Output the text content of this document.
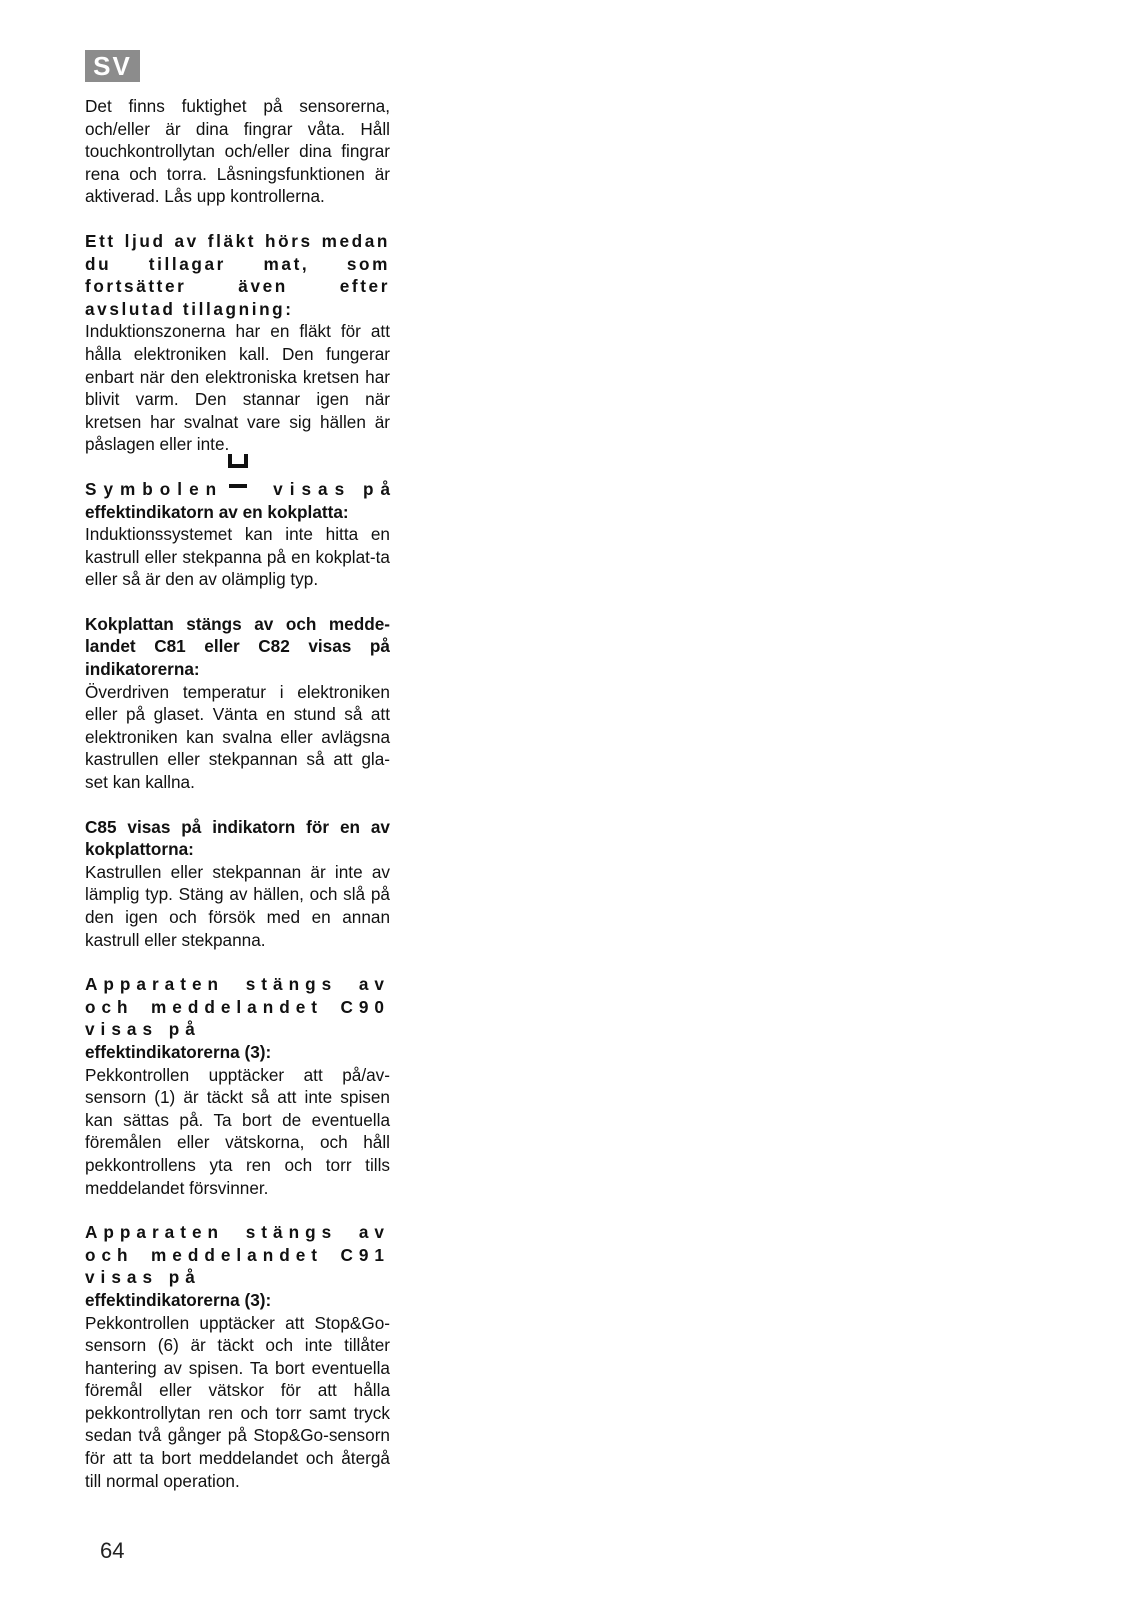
SV

Det finns fuktighet på sensorerna, och/eller är dina fingrar våta. Håll touchkontrollytan och/eller dina fingrar rena och torra. Låsningsfunktionen är aktiverad. Lås upp kontrollerna.

Ett ljud av fläkt hörs medan du tillagar mat, som fortsätter även efter avslutad tillagning:

Induktionszonerna har en fläkt för att hålla elektroniken kall. Den fungerar enbart när den elektroniska kretsen har blivit varm. Den stannar igen när kretsen har svalnat vare sig hällen är påslagen eller inte.

Symbolen	visas på
effektindikatorn av en kokplatta:

Induktionssystemet kan inte hitta en kastrull eller stekpanna på en kokplat-ta eller så är den av olämplig typ.

Kokplattan stängs av och medde-landet C81 eller C82 visas på indikatorerna:

Överdriven temperatur i elektroniken eller på glaset. Vänta en stund så att elektroniken kan svalna eller avlägsna kastrullen eller stekpannan så att gla-set kan kallna.

C85 visas på indikatorn för en av kokplattorna:

Kastrullen eller stekpannan är inte av lämplig typ. Stäng av hällen, och slå på den igen och försök med en annan kastrull eller stekpanna.

Apparaten stängs av och meddelandet C90 visas på
effektindikatorerna (3):

Pekkontrollen upptäcker att på/av-sensorn (1) är täckt så att inte spisen kan sättas på. Ta bort de eventuella föremålen eller vätskorna, och håll pekkontrollens yta ren och torr tills meddelandet försvinner.

Apparaten stängs av och meddelandet C91 visas på
effektindikatorerna (3):

Pekkontrollen upptäcker att Stop&Go-sensorn (6) är täckt och inte tillåter hantering av spisen. Ta bort eventuella föremål eller vätskor för att hålla pekkontrollytan ren och torr samt tryck sedan två gånger på Stop&Go-sensorn för att ta bort meddelandet och återgå till normal operation.

64
